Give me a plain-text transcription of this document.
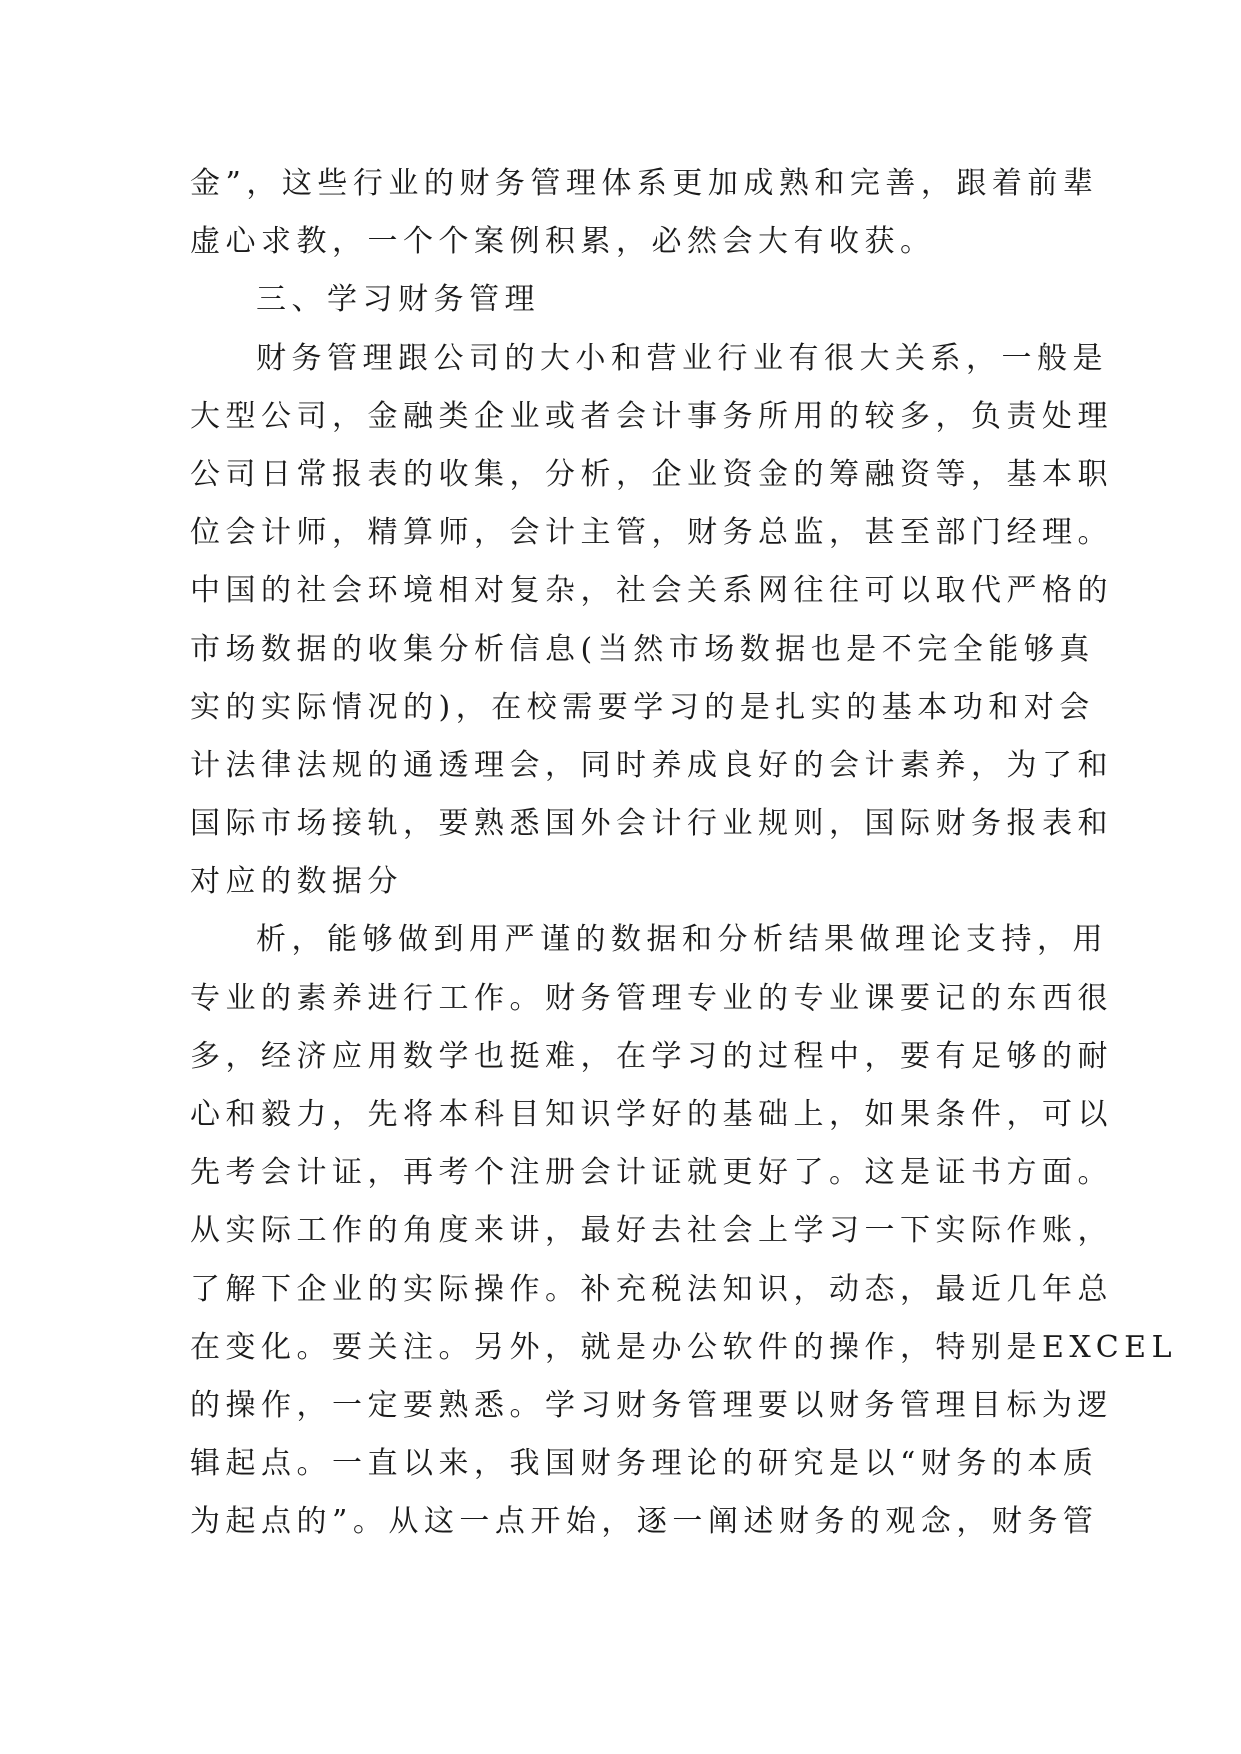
金”，这些行业的财务管理体系更加成熟和完善，跟着前辈
虚心求教，一个个案例积累，必然会大有收获。
三、学习财务管理
财务管理跟公司的大小和营业行业有很大关系，一般是
大型公司，金融类企业或者会计事务所用的较多，负责处理
公司日常报表的收集，分析，企业资金的筹融资等，基本职
位会计师，精算师，会计主管，财务总监，甚至部门经理。
中国的社会环境相对复杂，社会关系网往往可以取代严格的
市场数据的收集分析信息(当然市场数据也是不完全能够真
实的实际情况的)，在校需要学习的是扎实的基本功和对会
计法律法规的通透理会，同时养成良好的会计素养，为了和
国际市场接轨，要熟悉国外会计行业规则，国际财务报表和
对应的数据分
析，能够做到用严谨的数据和分析结果做理论支持，用
专业的素养进行工作。财务管理专业的专业课要记的东西很
多，经济应用数学也挺难，在学习的过程中，要有足够的耐
心和毅力，先将本科目知识学好的基础上，如果条件，可以
先考会计证，再考个注册会计证就更好了。这是证书方面。
从实际工作的角度来讲，最好去社会上学习一下实际作账，
了解下企业的实际操作。补充税法知识，动态，最近几年总
在变化。要关注。另外，就是办公软件的操作，特别是EXCEL
的操作，一定要熟悉。学习财务管理要以财务管理目标为逻
辑起点。一直以来，我国财务理论的研究是以“财务的本质
为起点的”。从这一点开始，逐一阐述财务的观念，财务管
